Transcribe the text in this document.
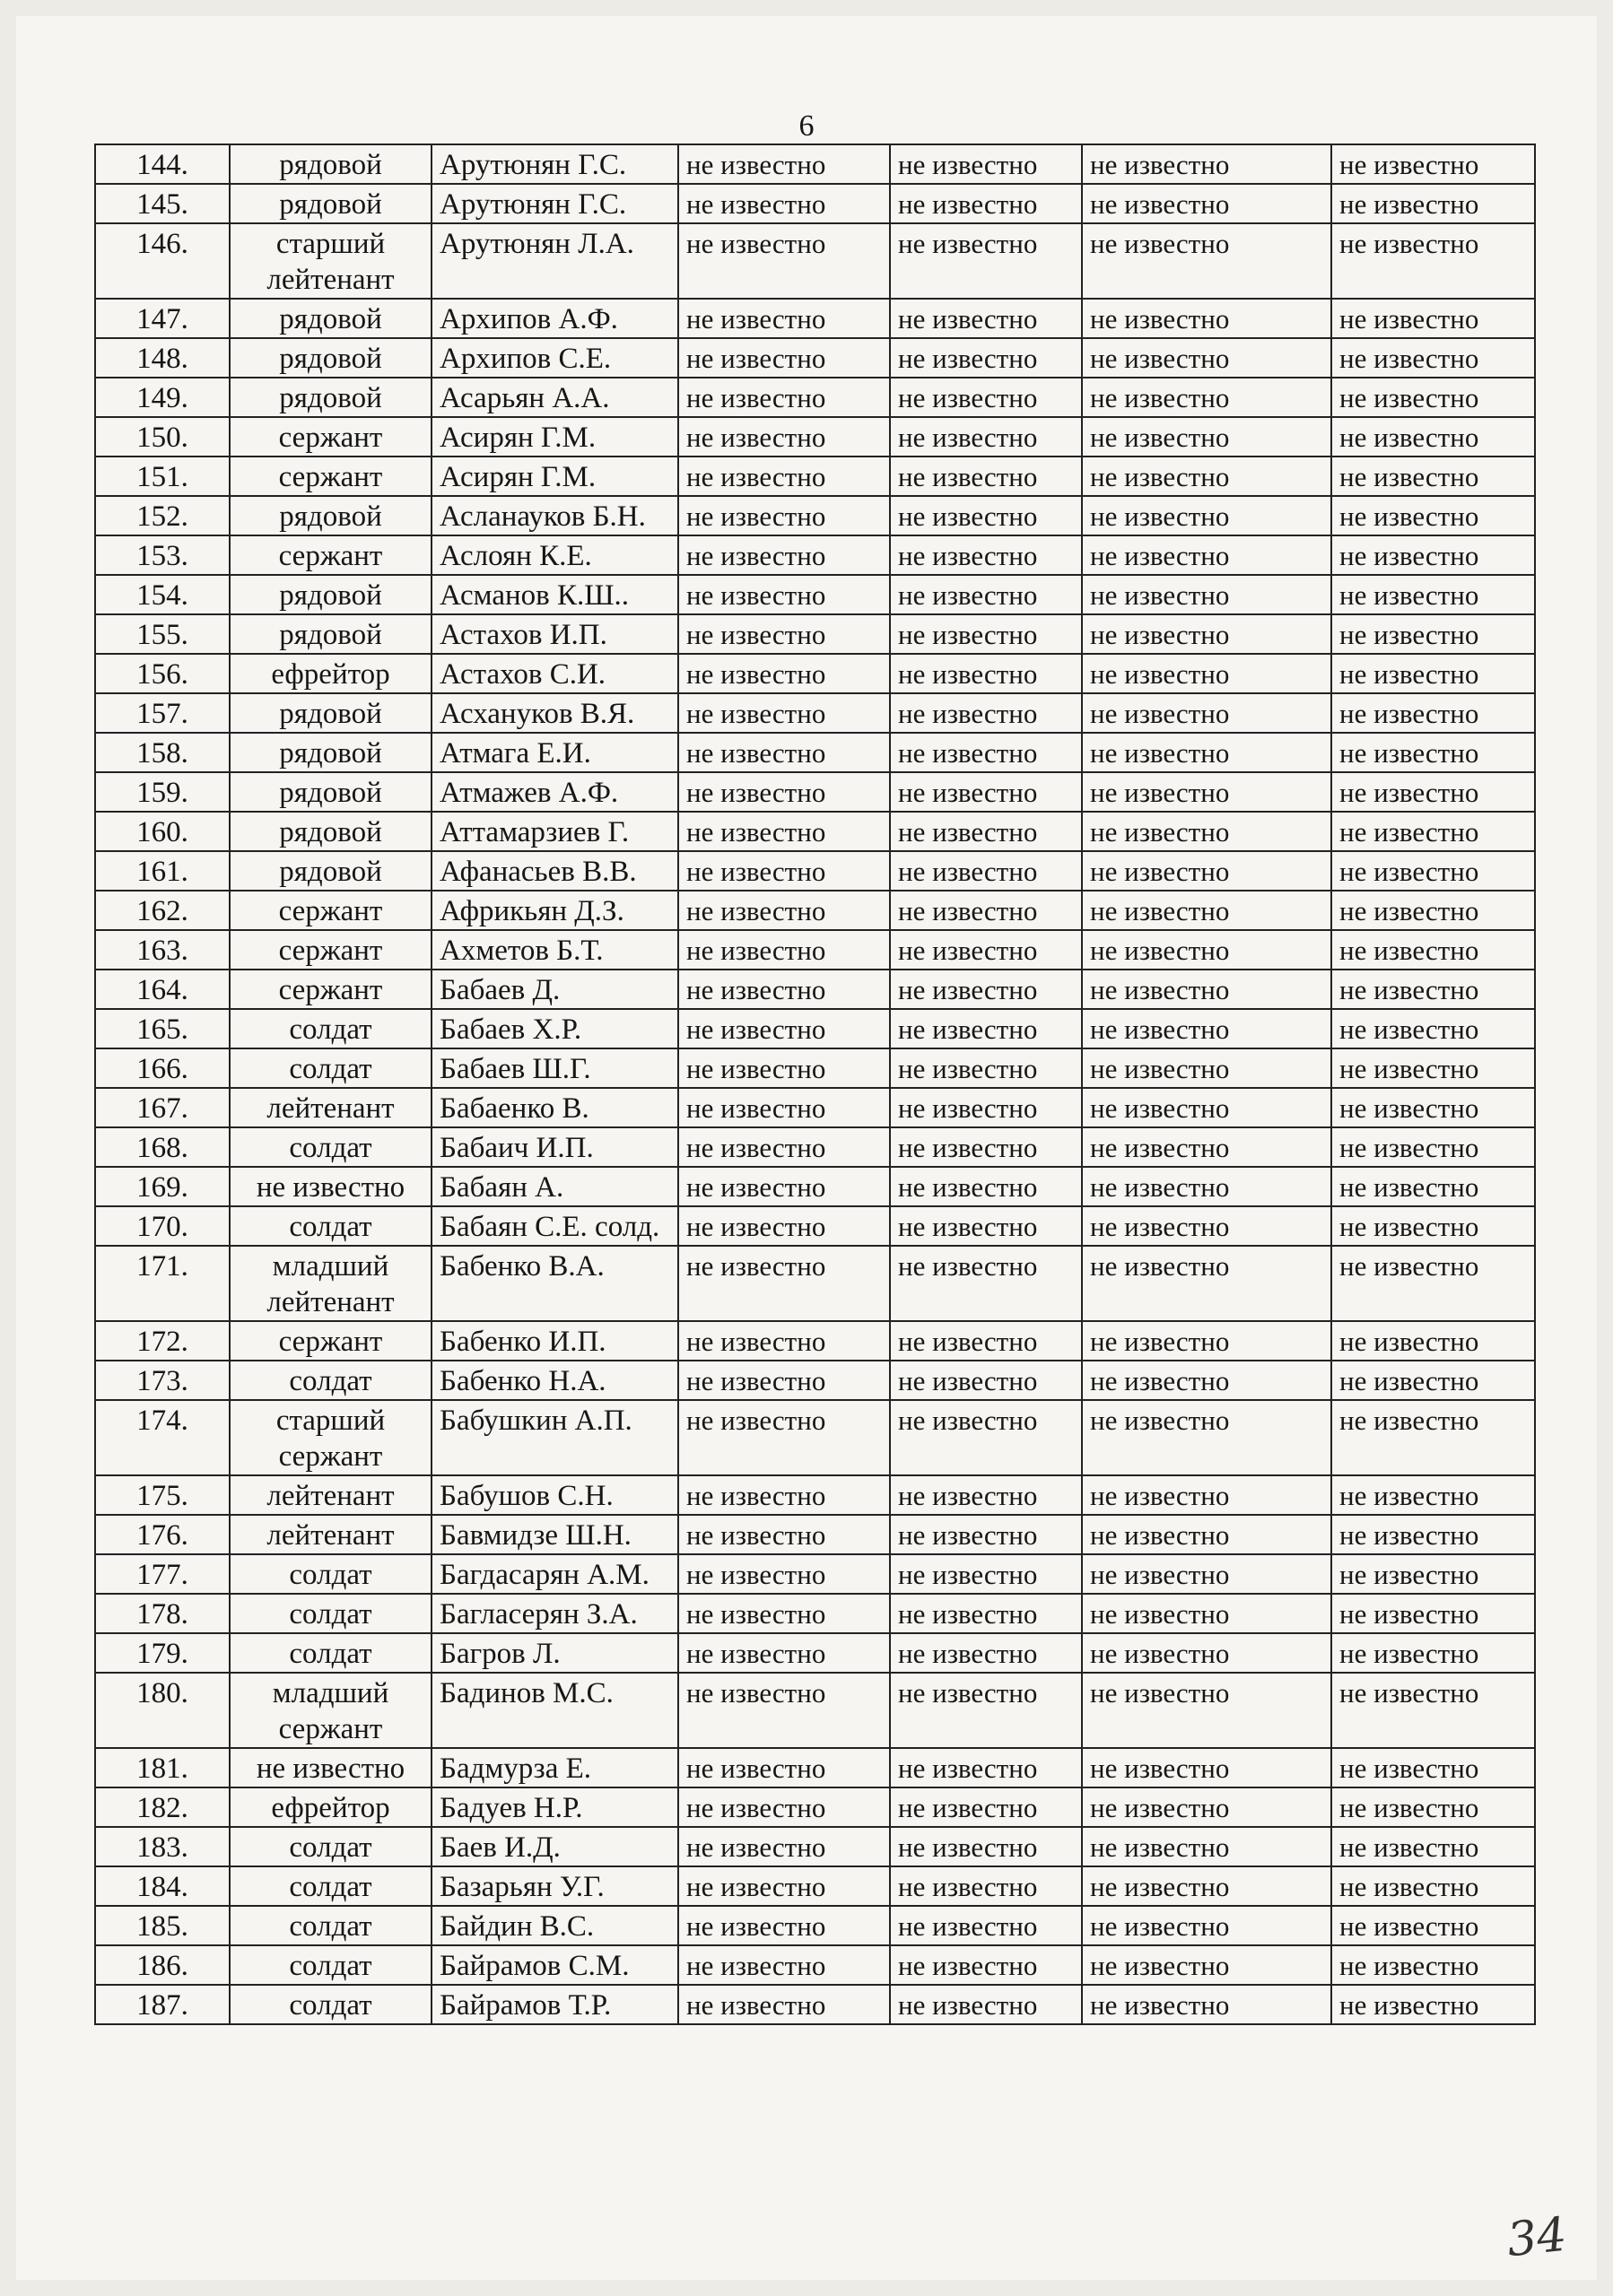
6
144.	рядовой	Арутюнян Г.С.	не известно	не известно	не известно	не известно
145.	рядовой	Арутюнян Г.С.	не известно	не известно	не известно	не известно
146.	старший лейтенант	Арутюнян Л.А.	не известно	не известно	не известно	не известно
147.	рядовой	Архипов А.Ф.	не известно	не известно	не известно	не известно
148.	рядовой	Архипов С.Е.	не известно	не известно	не известно	не известно
149.	рядовой	Асарьян А.А.	не известно	не известно	не известно	не известно
150.	сержант	Асирян Г.М.	не известно	не известно	не известно	не известно
151.	сержант	Асирян Г.М.	не известно	не известно	не известно	не известно
152.	рядовой	Асланауков Б.Н.	не известно	не известно	не известно	не известно
153.	сержант	Аслоян К.Е.	не известно	не известно	не известно	не известно
154.	рядовой	Асманов К.Ш..	не известно	не известно	не известно	не известно
155.	рядовой	Астахов И.П.	не известно	не известно	не известно	не известно
156.	ефрейтор	Астахов С.И.	не известно	не известно	не известно	не известно
157.	рядовой	Асхануков В.Я.	не известно	не известно	не известно	не известно
158.	рядовой	Атмага Е.И.	не известно	не известно	не известно	не известно
159.	рядовой	Атмажев А.Ф.	не известно	не известно	не известно	не известно
160.	рядовой	Аттамарзиев Г.	не известно	не известно	не известно	не известно
161.	рядовой	Афанасьев В.В.	не известно	не известно	не известно	не известно
162.	сержант	Африкьян Д.З.	не известно	не известно	не известно	не известно
163.	сержант	Ахметов Б.Т.	не известно	не известно	не известно	не известно
164.	сержант	Бабаев Д.	не известно	не известно	не известно	не известно
165.	солдат	Бабаев Х.Р.	не известно	не известно	не известно	не известно
166.	солдат	Бабаев Ш.Г.	не известно	не известно	не известно	не известно
167.	лейтенант	Бабаенко В.	не известно	не известно	не известно	не известно
168.	солдат	Бабаич И.П.	не известно	не известно	не известно	не известно
169.	не известно	Бабаян А.	не известно	не известно	не известно	не известно
170.	солдат	Бабаян С.Е. солд.	не известно	не известно	не известно	не известно
171.	младший лейтенант	Бабенко В.А.	не известно	не известно	не известно	не известно
172.	сержант	Бабенко И.П.	не известно	не известно	не известно	не известно
173.	солдат	Бабенко Н.А.	не известно	не известно	не известно	не известно
174.	старший сержант	Бабушкин А.П.	не известно	не известно	не известно	не известно
175.	лейтенант	Бабушов С.Н.	не известно	не известно	не известно	не известно
176.	лейтенант	Бавмидзе Ш.Н.	не известно	не известно	не известно	не известно
177.	солдат	Багдасарян А.М.	не известно	не известно	не известно	не известно
178.	солдат	Багласерян З.А.	не известно	не известно	не известно	не известно
179.	солдат	Багров Л.	не известно	не известно	не известно	не известно
180.	младший сержант	Бадинов М.С.	не известно	не известно	не известно	не известно
181.	не известно	Бадмурза Е.	не известно	не известно	не известно	не известно
182.	ефрейтор	Бадуев Н.Р.	не известно	не известно	не известно	не известно
183.	солдат	Баев И.Д.	не известно	не известно	не известно	не известно
184.	солдат	Базарьян У.Г.	не известно	не известно	не известно	не известно
185.	солдат	Байдин В.С.	не известно	не известно	не известно	не известно
186.	солдат	Байрамов С.М.	не известно	не известно	не известно	не известно
187.	солдат	Байрамов Т.Р.	не известно	не известно	не известно	не известно
34
